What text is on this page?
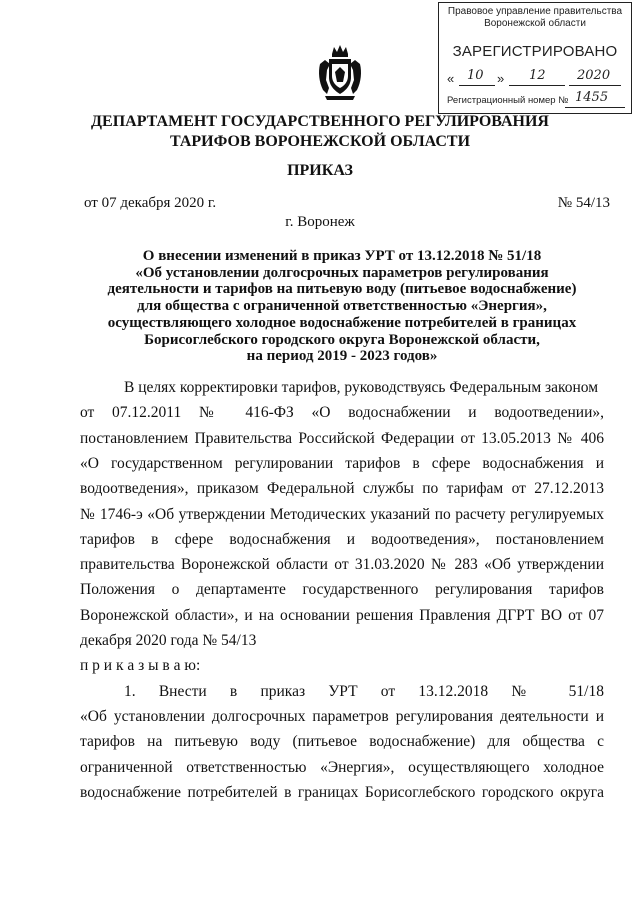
Правовое управление правительства
Воронежской области
ЗАРЕГИСТРИРОВАНО
« 10 » 12 2020
Регистрационный номер № 1455
ДЕПАРТАМЕНТ ГОСУДАРСТВЕННОГО РЕГУЛИРОВАНИЯ
ТАРИФОВ ВОРОНЕЖСКОЙ ОБЛАСТИ
ПРИКАЗ
от 07 декабря 2020 г.	№ 54/13
г. Воронеж
О внесении изменений в приказ УРТ от 13.12.2018 № 51/18
«Об установлении долгосрочных параметров регулирования
деятельности и тарифов на питьевую воду (питьевое водоснабжение)
для общества с ограниченной ответственностью «Энергия»,
осуществляющего холодное водоснабжение потребителей в границах
Борисоглебского городского округа Воронежской области,
на период 2019 - 2023 годов»
В целях корректировки тарифов, руководствуясь Федеральным законом
от 07.12.2011 № 416-ФЗ «О водоснабжении и водоотведении»,
постановлением Правительства Российской Федерации от 13.05.2013 № 406
«О государственном регулировании тарифов в сфере водоснабжения и
водоотведения», приказом Федеральной службы по тарифам от 27.12.2013
№ 1746-э «Об утверждении Методических указаний по расчету регулируемых
тарифов в сфере водоснабжения и водоотведения», постановлением
правительства Воронежской области от 31.03.2020 № 283 «Об утверждении
Положения о департаменте государственного регулирования тарифов
Воронежской области», и на основании решения Правления ДГРТ ВО от 07
декабря 2020 года № 54/13
п р и к а з ы в а ю:
1. Внести в приказ УРТ от 13.12.2018 № 51/18
«Об установлении долгосрочных параметров регулирования деятельности и
тарифов на питьевую воду (питьевое водоснабжение) для общества с
ограниченной ответственностью «Энергия», осуществляющего холодное
водоснабжение потребителей в границах Борисоглебского городского округа
